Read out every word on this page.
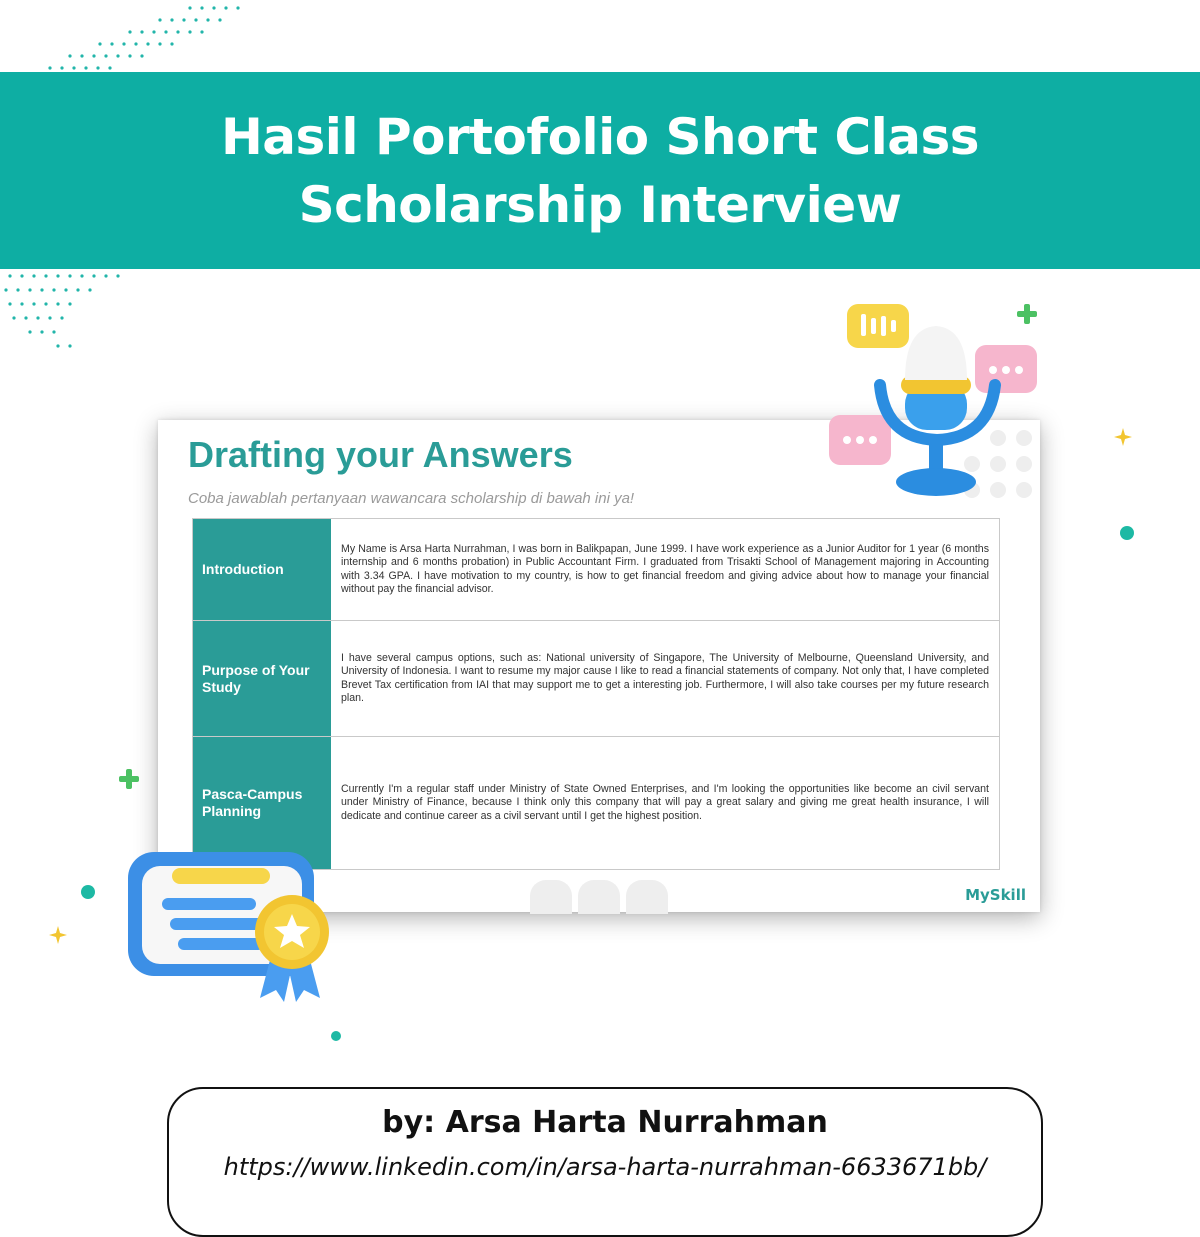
Hasil Portofolio Short Class
Scholarship Interview
Drafting your Answers
Coba jawablah pertanyaan wawancara scholarship di bawah ini ya!
Introduction
My Name is Arsa Harta Nurrahman, I was born in Balikpapan, June 1999. I have work experience as a Junior Auditor for 1 year (6 months internship and 6 months probation) in Public Accountant Firm. I graduated from Trisakti School of Management majoring in Accounting with 3.34 GPA. I have motivation to my country, is how to get financial freedom and giving advice about how to manage your financial without pay the financial advisor.
Purpose of Your Study
I have several campus options, such as: National university of Singapore, The University of Melbourne, Queensland University, and University of Indonesia. I want to resume my major cause I like to read a financial statements of company. Not only that, I have completed Brevet Tax certification from IAI that may support me to get a interesting job. Furthermore, I will also take courses per my future research plan.
Pasca-Campus Planning
Currently I'm a regular staff under Ministry of State Owned Enterprises, and I'm looking the opportunities like become an civil servant under Ministry of Finance, because I think only this company that will pay a great salary and giving me great health insurance, I will dedicate and continue career as a civil servant until I get the highest position.
MySkill
by: Arsa Harta Nurrahman
https://www.linkedin.com/in/arsa-harta-nurrahman-6633671bb/
